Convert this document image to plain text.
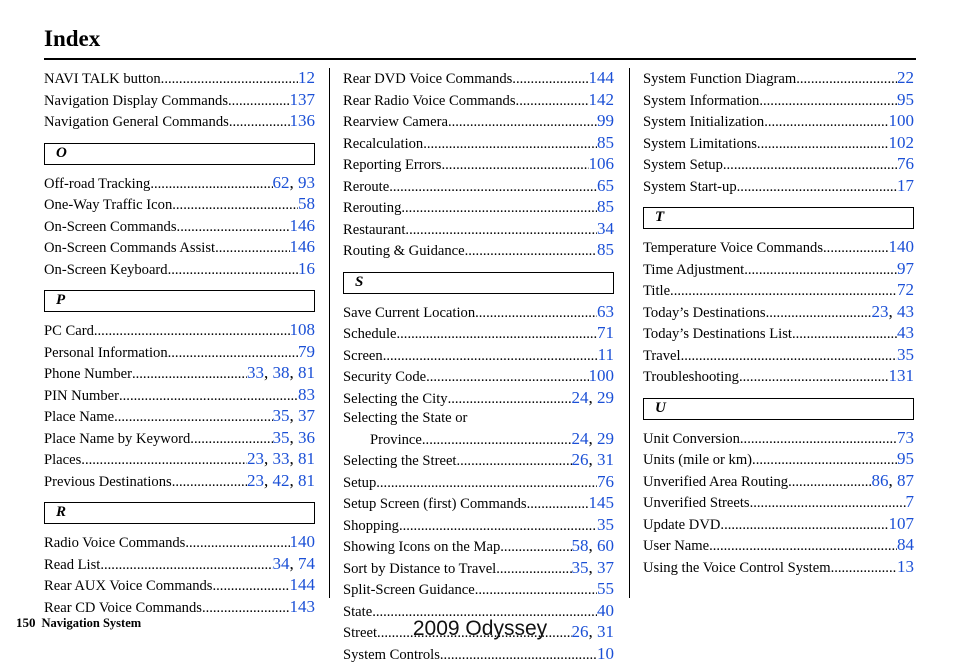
Index
NAVI TALK button .....	12
Navigation Display Commands .....	137
Navigation General Commands .....	136
O
Off-road Tracking .....	62, 93
One-Way Traffic Icon .....	58
On-Screen Commands .....	146
On-Screen Commands Assist .....	146
On-Screen Keyboard .....	16
P
PC Card .....	108
Personal Information .....	79
Phone Number .....	33, 38, 81
PIN Number .....	83
Place Name .....	35, 37
Place Name by Keyword .....	35, 36
Places .....	23, 33, 81
Previous Destinations .....	23, 42, 81
R
Radio Voice Commands .....	140
Read List .....	34, 74
Rear AUX Voice Commands .....	144
Rear CD Voice Commands .....	143
Rear DVD Voice Commands .....	144
Rear Radio Voice Commands .....	142
Rearview Camera .....	99
Recalculation .....	85
Reporting Errors .....	106
Reroute .....	65
Rerouting .....	85
Restaurant .....	34
Routing & Guidance .....	85
S
Save Current Location .....	63
Schedule .....	71
Screen .....	11
Security Code .....	100
Selecting the City .....	24, 29
Selecting the State or
Province .....	24, 29
Selecting the Street .....	26, 31
Setup .....	76
Setup Screen (first) Commands .....	145
Shopping .....	35
Showing Icons on the Map .....	58, 60
Sort by Distance to Travel .....	35, 37
Split-Screen Guidance .....	55
State .....	40
Street .....	26, 31
System Controls .....	10
System Function Diagram .....	22
System Information .....	95
System Initialization .....	100
System Limitations .....	102
System Setup .....	76
System Start-up .....	17
T
Temperature Voice Commands .....	140
Time Adjustment .....	97
Title .....	72
Today’s Destinations .....	23, 43
Today’s Destinations List .....	43
Travel .....	35
Troubleshooting .....	131
U
Unit Conversion .....	73
Units (mile or km) .....	95
Unverified Area Routing .....	86, 87
Unverified Streets .....	7
Update DVD .....	107
User Name .....	84
Using the Voice Control System .....	13
150 Navigation System	2009 Odyssey
